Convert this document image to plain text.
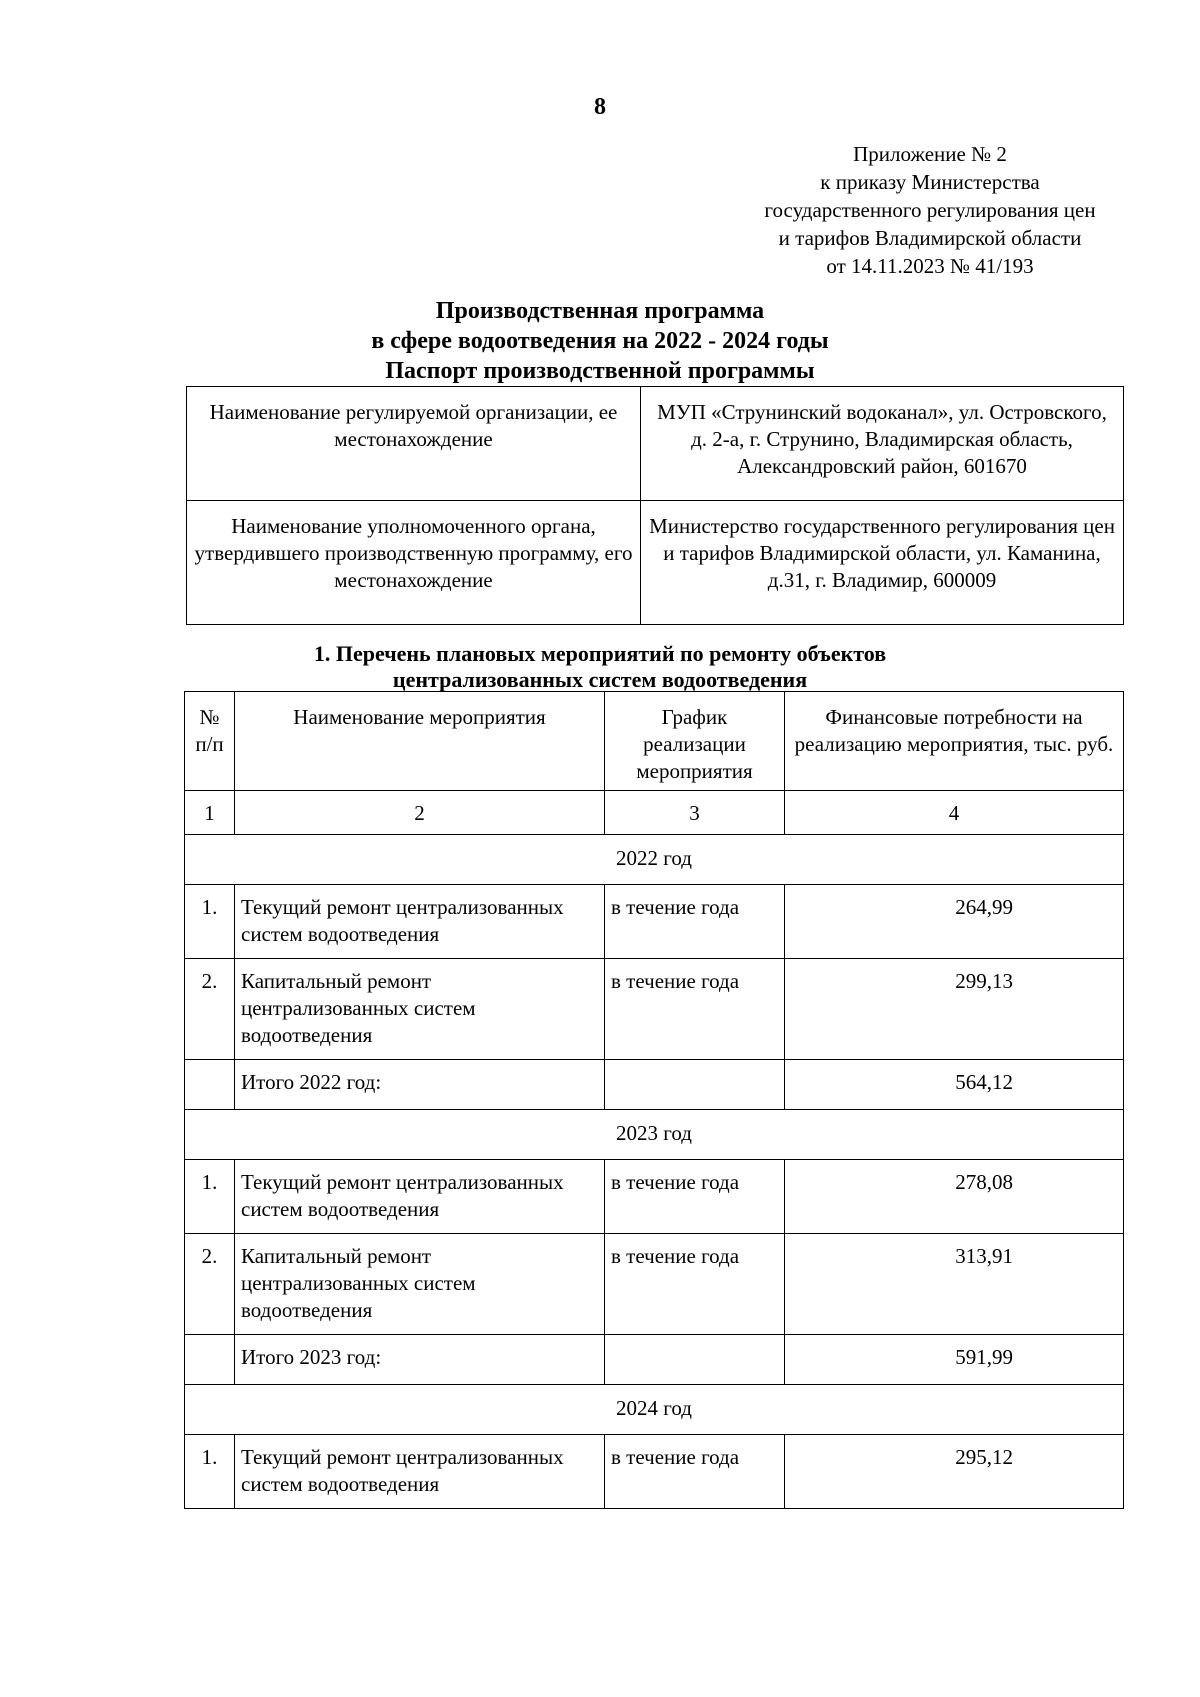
8
Приложение № 2
к приказу Министерства
государственного регулирования цен
и тарифов Владимирской области
от 14.11.2023 № 41/193
Производственная программа
в сфере водоотведения на 2022 - 2024 годы
Паспорт производственной программы
Наименование регулируемой организации, ее местонахождение	МУП «Струнинский водоканал», ул. Островского, д. 2-а, г. Струнино, Владимирская область, Александровский район, 601670
Наименование уполномоченного органа, утвердившего производственную программу, его местонахождение	Министерство государственного регулирования цен и тарифов Владимирской области, ул. Каманина, д.31, г. Владимир, 600009
1. Перечень плановых мероприятий по ремонту объектов
централизованных систем водоотведения
№ п/п	Наименование мероприятия	График реализации мероприятия	Финансовые потребности на реализацию мероприятия, тыс. руб.
1	2	3	4
2022 год			
1.	Текущий ремонт централизованных систем водоотведения	в течение года	264,99
2.	Капитальный ремонт централизованных систем водоотведения	в течение года	299,13
	Итого 2022 год:		564,12
2023 год			
1.	Текущий ремонт централизованных систем водоотведения	в течение года	278,08
2.	Капитальный ремонт централизованных систем водоотведения	в течение года	313,91
	Итого 2023 год:		591,99
2024 год			
1.	Текущий ремонт централизованных систем водоотведения	в течение года	295,12
